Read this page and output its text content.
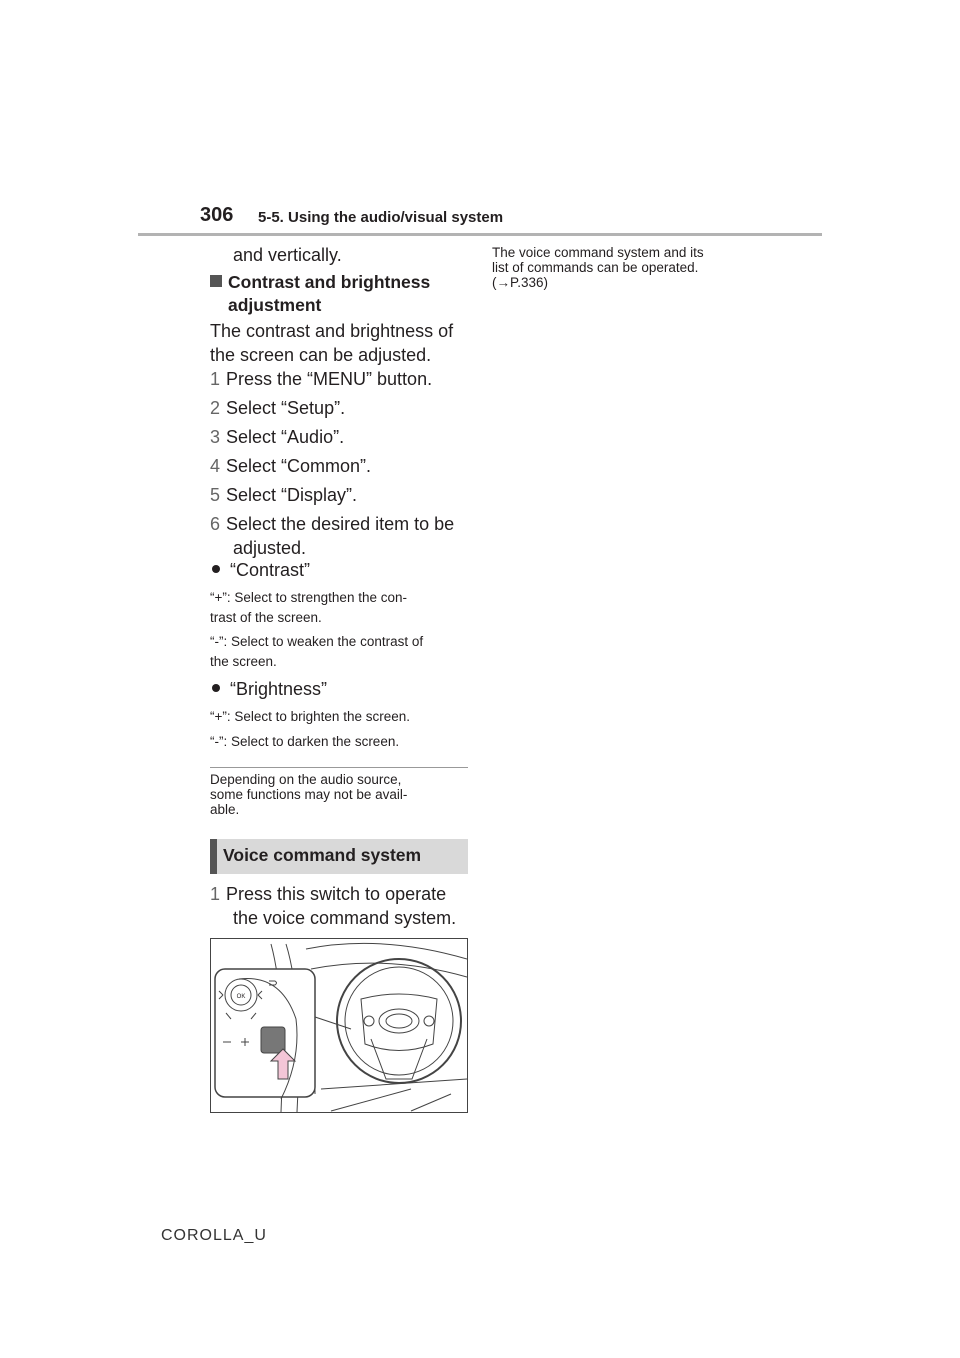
306 5-5. Using the audio/visual system
and vertically.
Contrast and brightness
adjustment
The contrast and brightness of
the screen can be adjusted.
1 Press the “MENU” button.
2 Select “Setup”.
3 Select “Audio”.
4 Select “Common”.
5 Select “Display”.
6 Select the desired item to be
adjusted.
“Contrast”
“+”: Select to strengthen the con-
trast of the screen.
“-”: Select to weaken the contrast of
the screen.
“Brightness”
“+”: Select to brighten the screen.
“-”: Select to darken the screen.
Depending on the audio source,
some functions may not be avail-
able.
Voice command system
1 Press this switch to operate
the voice command system.
OK
The voice command system and its
list of commands can be operated.
(→P.336)
COROLLA_U
